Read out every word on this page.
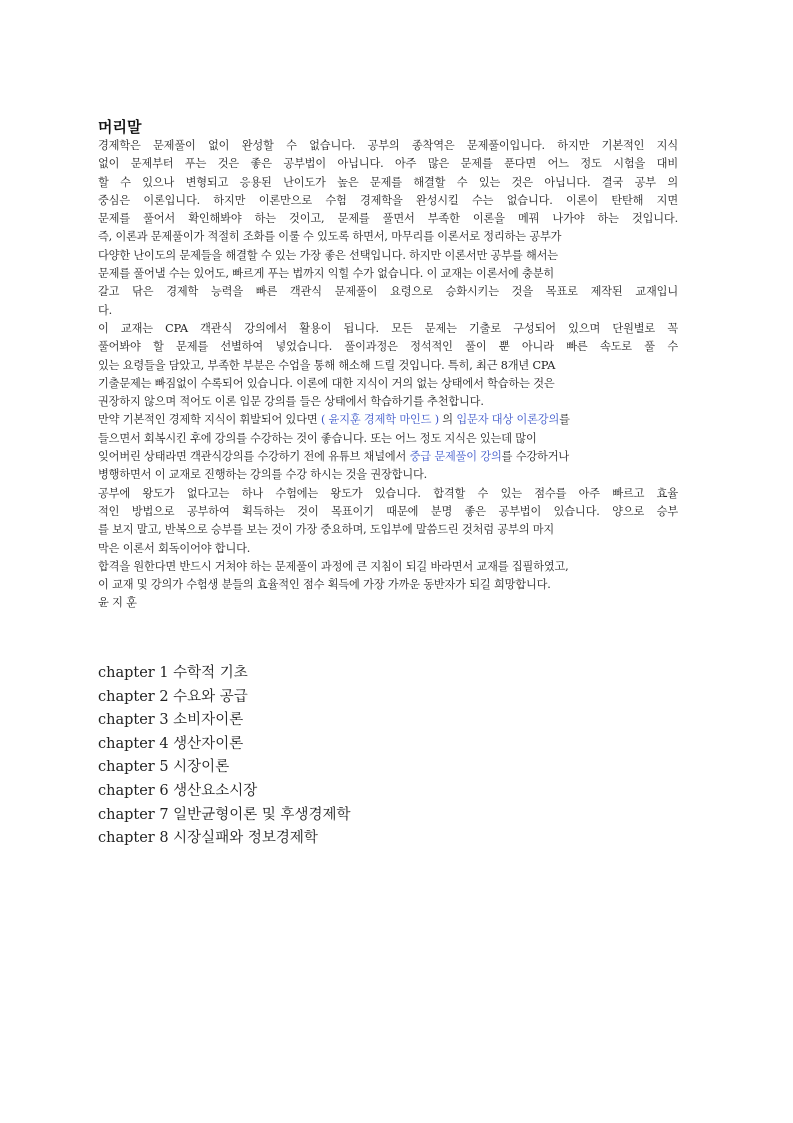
머리말
경제학은 문제풀이 없이 완성할 수 없습니다. 공부의 종착역은 문제풀이입니다. 하지만 기본적인 지식
없이 문제부터 푸는 것은 좋은 공부법이 아닙니다. 아주 많은 문제를 푼다면 어느 정도 시험을 대비
할 수 있으나 변형되고 응용된 난이도가 높은 문제를 해결할 수 있는 것은 아닙니다. 결국 공부 의
중심은 이론입니다. 하지만 이론만으로 수험 경제학을 완성시킬 수는 없습니다. 이론이 탄탄해 지면
문제를 풀어서 확인해봐야 하는 것이고, 문제를 풀면서 부족한 이론을 메꿔 나가야 하는 것입니다.
즉, 이론과 문제풀이가 적절히 조화를 이룰 수 있도록 하면서, 마무리를 이론서로 정리하는 공부가
다양한 난이도의 문제들을 해결할 수 있는 가장 좋은 선택입니다. 하지만 이론서만 공부를 해서는
문제를 풀어낼 수는 있어도, 빠르게 푸는 법까지 익힐 수가 없습니다. 이 교재는 이론서에 충분히
갈고 닦은 경제학 능력을 빠른 객관식 문제풀이 요령으로 승화시키는 것을 목표로 제작된 교재입니
다.
이 교재는 CPA 객관식 강의에서 활용이 됩니다. 모든 문제는 기출로 구성되어 있으며 단원별로 꼭
풀어봐야 할 문제를 선별하여 넣었습니다. 풀이과정은 정석적인 풀이 뿐 아니라 빠른 속도로 풀 수
있는 요령들을 담았고, 부족한 부분은 수업을 통해 해소해 드릴 것입니다. 특히, 최근 8개년 CPA
기출문제는 빠짐없이 수록되어 있습니다. 이론에 대한 지식이 거의 없는 상태에서 학습하는 것은
권장하지 않으며 적어도 이론 입문 강의를 들은 상태에서 학습하기를 추천합니다.
만약 기본적인 경제학 지식이 휘발되어 있다면 ( 윤지훈 경제학 마인드 ) 의 입문자 대상 이론강의를
들으면서 회복시킨 후에 강의를 수강하는 것이 좋습니다. 또는 어느 정도 지식은 있는데 많이
잊어버린 상태라면 객관식강의를 수강하기 전에 유튜브 채널에서 중급 문제풀이 강의를 수강하거나
병행하면서 이 교재로 진행하는 강의를 수강 하시는 것을 권장합니다.
공부에 왕도가 없다고는 하나 수험에는 왕도가 있습니다. 합격할 수 있는 점수를 아주 빠르고 효율
적인 방법으로 공부하여 획득하는 것이 목표이기 때문에 분명 좋은 공부법이 있습니다. 양으로 승부
를 보지 말고, 반복으로 승부를 보는 것이 가장 중요하며, 도입부에 말씀드린 것처럼 공부의 마지
막은 이론서 회독이어야 합니다.
합격을 원한다면 반드시 거쳐야 하는 문제풀이 과정에 큰 지침이 되길 바라면서 교재를 집필하였고,
이 교재 및 강의가 수험생 분들의 효율적인 점수 획득에 가장 가까운 동반자가 되길 희망합니다.
윤 지 훈
chapter 1 수학적 기초
chapter 2 수요와 공급
chapter 3 소비자이론
chapter 4 생산자이론
chapter 5 시장이론
chapter 6 생산요소시장
chapter 7 일반균형이론 및 후생경제학
chapter 8 시장실패와 정보경제학
